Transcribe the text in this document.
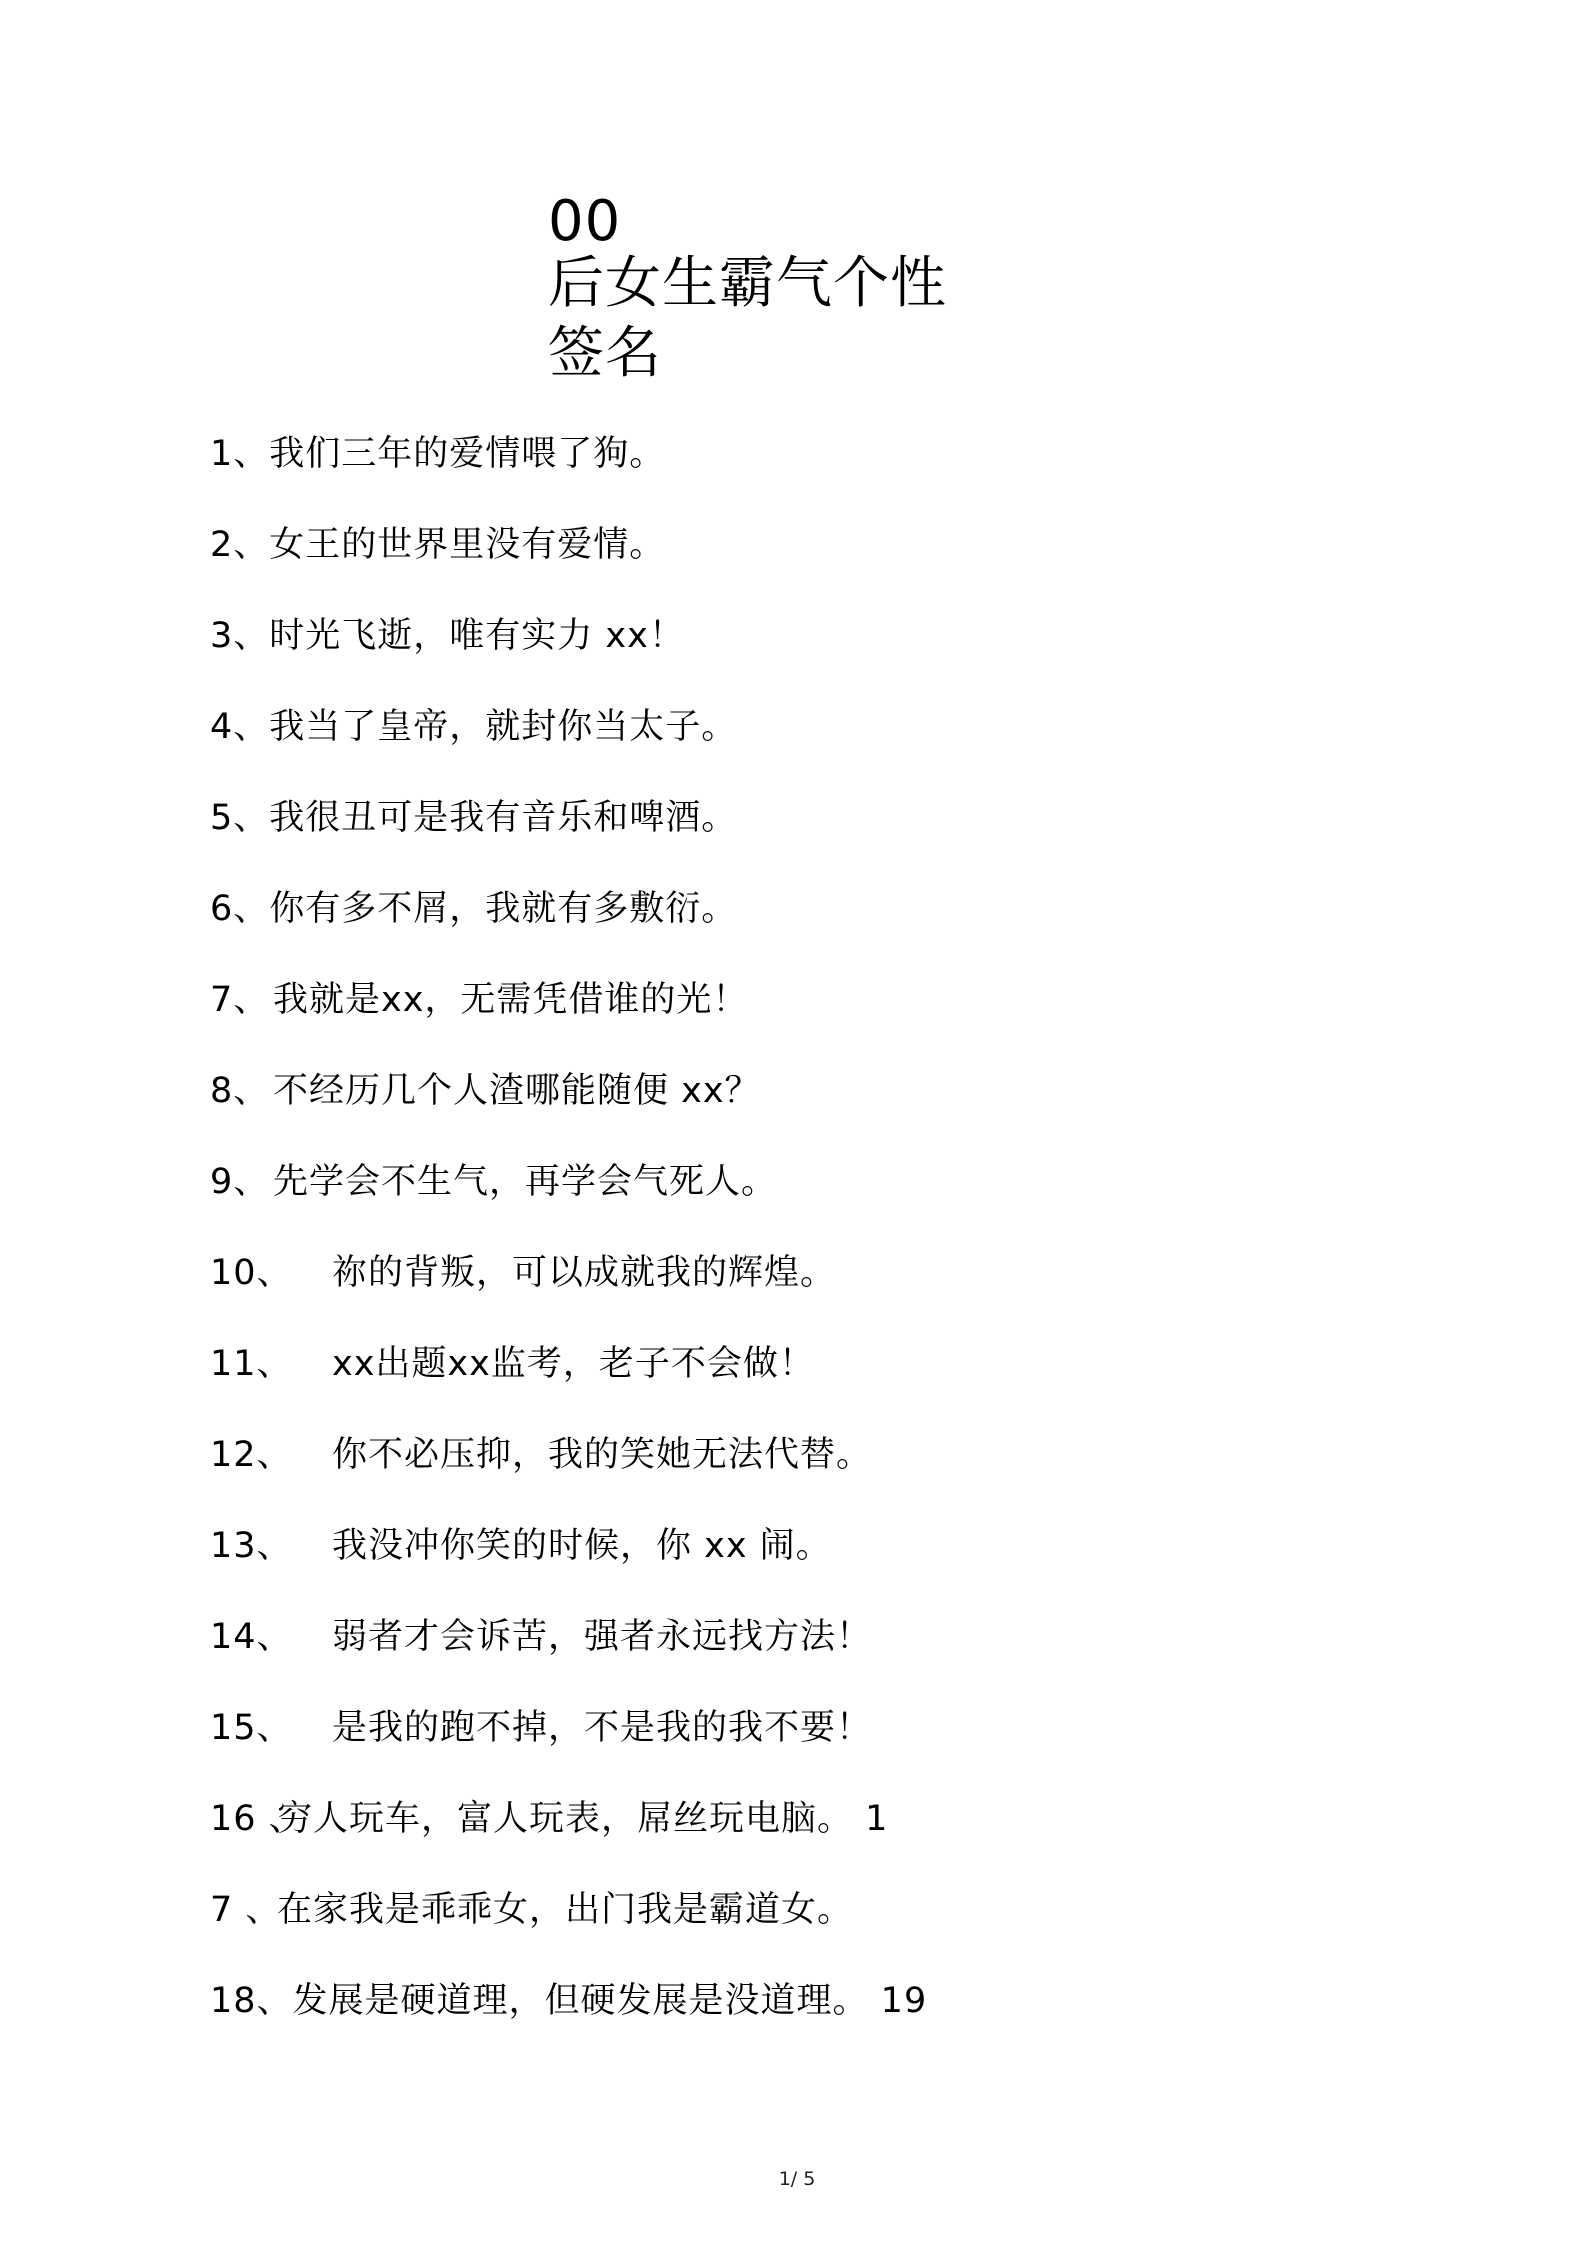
00
后女生霸气个性
签名
1、 我们三年的爱情喂了狗。
2、 女王的世界里没有爱情。
3、 时光飞逝，唯有实力 xx！
4、 我当了皇帝，就封你当太子。
5、 我很丑可是我有音乐和啤酒。
6、 你有多不屑，我就有多敷衍。
7、 我就是xx，无需凭借谁的光！
8、 不经历几个人渣哪能随便 xx？
9、 先学会不生气，再学会气死人。
10、	祢的背叛，可以成就我的辉煌。
11、	xx出题xx监考，老子不会做！
12、	你不必压抑，我的笑她无法代替。
13、	我没冲你笑的时候，你 xx 闹。
14、	弱者才会诉苦，强者永远找方法！
15、	是我的跑不掉，不是我的我不要！
16 、
穷人玩车，富人玩表，屌丝玩电脑。 1
7 、
在家我是乖乖女，出门我是霸道女。
18、 发展是硬道理，但硬发展是没道理。 19
1/ 5
